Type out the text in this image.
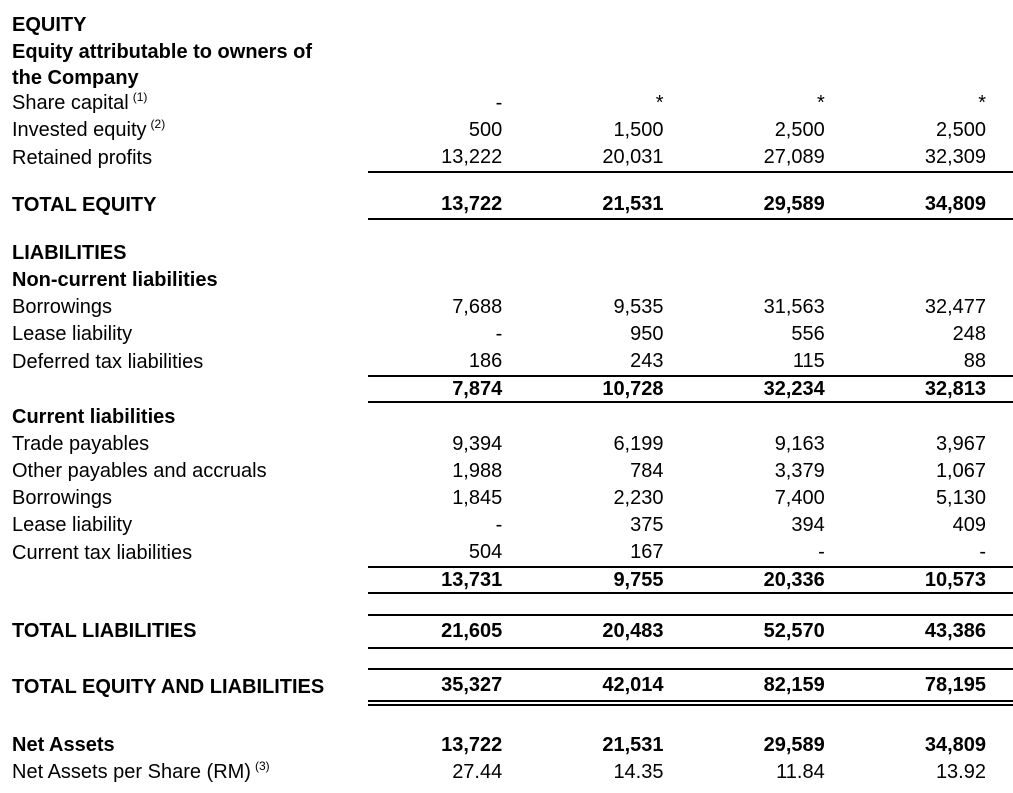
EQUITY
Equity attributable to owners of
the Company
Share capital $^{(1)}$	-	*	*	*
Invested equity $^{(2)}$	500	1,500	2,500	2,500
Retained profits	13,222	20,031	27,089	32,309
TOTAL EQUITY	13,722	21,531	29,589	34,809
LIABILITIES
Non-current liabilities
Borrowings	7,688	9,535	31,563	32,477
Lease liability	-	950	556	248
Deferred tax liabilities	186	243	115	88
7,874	10,728	32,234	32,813
Current liabilities
Trade payables	9,394	6,199	9,163	3,967
Other payables and accruals	1,988	784	3,379	1,067
Borrowings	1,845	2,230	7,400	5,130
Lease liability	-	375	394	409
Current tax liabilities	504	167	-	-
13,731	9,755	20,336	10,573
TOTAL LIABILITIES	21,605	20,483	52,570	43,386
TOTAL EQUITY AND LIABILITIES	35,327	42,014	82,159	78,195
Net Assets	13,722	21,531	29,589	34,809
Net Assets per Share (RM) $^{(3)}$	27.44	14.35	11.84	13.92
